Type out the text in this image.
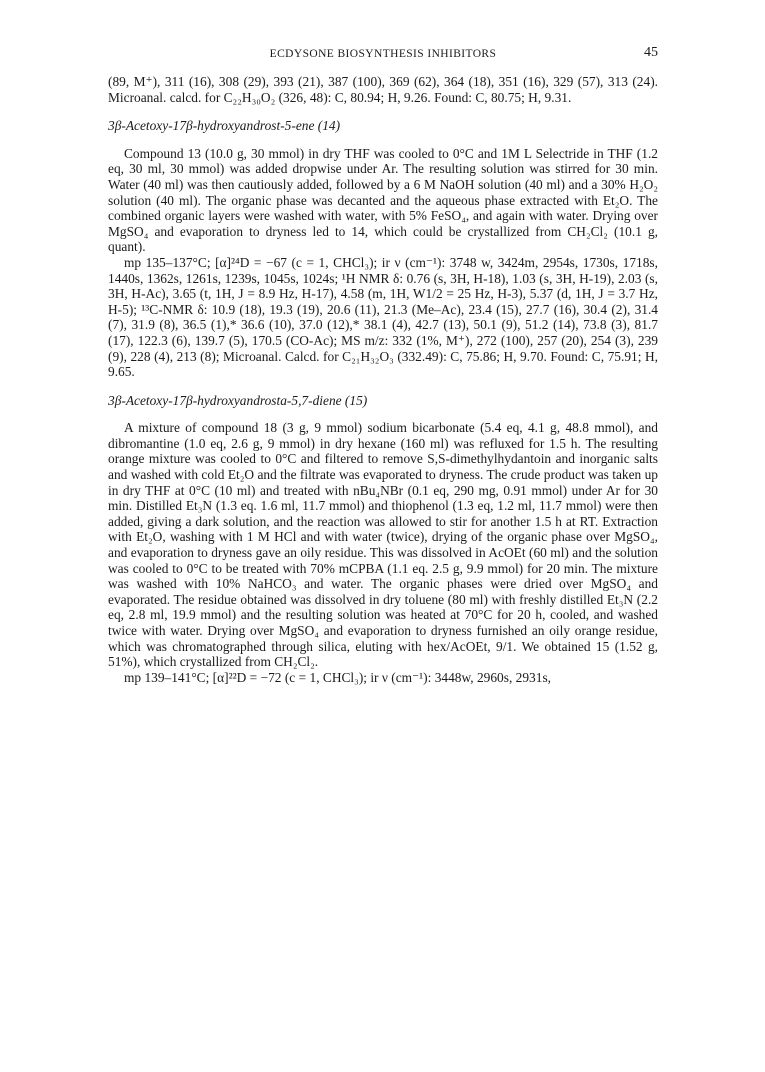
ECDYSONE BIOSYNTHESIS INHIBITORS	45

(89, M⁺), 311 (16), 308 (29), 393 (21), 387 (100), 369 (62), 364 (18), 351 (16), 329 (57), 313 (24). Microanal. calcd. for C₂₂H₃₀O₂ (326, 48): C, 80.94; H, 9.26. Found: C, 80.75; H, 9.31.

3β-Acetoxy-17β-hydroxyandrost-5-ene (14)

Compound 13 (10.0 g, 30 mmol) in dry THF was cooled to 0°C and 1M L Selectride in THF (1.2 eq, 30 ml, 30 mmol) was added dropwise under Ar. The resulting solution was stirred for 30 min. Water (40 ml) was then cautiously added, followed by a 6 M NaOH solution (40 ml) and a 30% H₂O₂ solution (40 ml). The organic phase was decanted and the aqueous phase extracted with Et₂O. The combined organic layers were washed with water, with 5% FeSO₄, and again with water. Drying over MgSO₄ and evaporation to dryness led to 14, which could be crystallized from CH₂Cl₂ (10.1 g, quant).

mp 135–137°C; [α]²⁴D = −67 (c = 1, CHCl₃); ir ν (cm⁻¹): 3748 w, 3424m, 2954s, 1730s, 1718s, 1440s, 1362s, 1261s, 1239s, 1045s, 1024s; ¹H NMR δ: 0.76 (s, 3H, H-18), 1.03 (s, 3H, H-19), 2.03 (s, 3H, H-Ac), 3.65 (t, 1H, J = 8.9 Hz, H-17), 4.58 (m, 1H, W1/2 = 25 Hz, H-3), 5.37 (d, 1H, J = 3.7 Hz, H-5); ¹³C-NMR δ: 10.9 (18), 19.3 (19), 20.6 (11), 21.3 (Me–Ac), 23.4 (15), 27.7 (16), 30.4 (2), 31.4 (7), 31.9 (8), 36.5 (1),* 36.6 (10), 37.0 (12),* 38.1 (4), 42.7 (13), 50.1 (9), 51.2 (14), 73.8 (3), 81.7 (17), 122.3 (6), 139.7 (5), 170.5 (CO-Ac); MS m/z: 332 (1%, M⁺), 272 (100), 257 (20), 254 (3), 239 (9), 228 (4), 213 (8); Microanal. Calcd. for C₂₁H₃₂O₃ (332.49): C, 75.86; H, 9.70. Found: C, 75.91; H, 9.65.

3β-Acetoxy-17β-hydroxyandrosta-5,7-diene (15)

A mixture of compound 18 (3 g, 9 mmol) sodium bicarbonate (5.4 eq, 4.1 g, 48.8 mmol), and dibromantine (1.0 eq, 2.6 g, 9 mmol) in dry hexane (160 ml) was refluxed for 1.5 h. The resulting orange mixture was cooled to 0°C and filtered to remove S,S-dimethylhydantoin and inorganic salts and washed with cold Et₂O and the filtrate was evaporated to dryness. The crude product was taken up in dry THF at 0°C (10 ml) and treated with nBu₄NBr (0.1 eq, 290 mg, 0.91 mmol) under Ar for 30 min. Distilled Et₃N (1.3 eq. 1.6 ml, 11.7 mmol) and thiophenol (1.3 eq, 1.2 ml, 11.7 mmol) were then added, giving a dark solution, and the reaction was allowed to stir for another 1.5 h at RT. Extraction with Et₂O, washing with 1 M HCl and with water (twice), drying of the organic phase over MgSO₄, and evaporation to dryness gave an oily residue. This was dissolved in AcOEt (60 ml) and the solution was cooled to 0°C to be treated with 70% mCPBA (1.1 eq. 2.5 g, 9.9 mmol) for 20 min. The mixture was washed with 10% NaHCO₃ and water. The organic phases were dried over MgSO₄ and evaporated. The residue obtained was dissolved in dry toluene (80 ml) with freshly distilled Et₃N (2.2 eq, 2.8 ml, 19.9 mmol) and the resulting solution was heated at 70°C for 20 h, cooled, and washed twice with water. Drying over MgSO₄ and evaporation to dryness furnished an oily orange residue, which was chromatographed through silica, eluting with hex/AcOEt, 9/1. We obtained 15 (1.52 g, 51%), which crystallized from CH₂Cl₂.

mp 139–141°C; [α]²²D = −72 (c = 1, CHCl₃); ir ν (cm⁻¹): 3448w, 2960s, 2931s,
